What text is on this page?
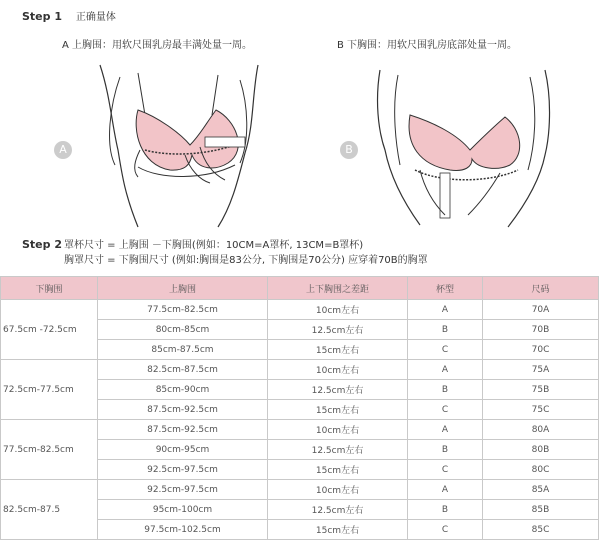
Step 1 正确量体
A 上胸围：用软尺围乳房最丰满处量一周。	B 下胸围：用软尺围乳房底部处量一周。
A	B
Step 2 罩杯尺寸 = 上胸围 －下胸围(例如：10CM=A罩杯, 13CM=B罩杯)
胸罩尺寸 = 下胸围尺寸 (例如:胸围是83公分, 下胸围是70公分) 应穿着70B的胸罩
下胸围	上胸围	上下胸围之差距	杯型	尺码
67.5cm -72.5cm	77.5cm-82.5cm	10cm左右	A	70A
	80cm-85cm	12.5cm左右	B	70B
	85cm-87.5cm	15cm左右	C	70C
72.5cm-77.5cm	82.5cm-87.5cm	10cm左右	A	75A
	85cm-90cm	12.5cm左右	B	75B
	87.5cm-92.5cm	15cm左右	C	75C
77.5cm-82.5cm	87.5cm-92.5cm	10cm左右	A	80A
	90cm-95cm	12.5cm左右	B	80B
	92.5cm-97.5cm	15cm左右	C	80C
82.5cm-87.5	92.5cm-97.5cm	10cm左右	A	85A
	95cm-100cm	12.5cm左右	B	85B
	97.5cm-102.5cm	15cm左右	C	85C
